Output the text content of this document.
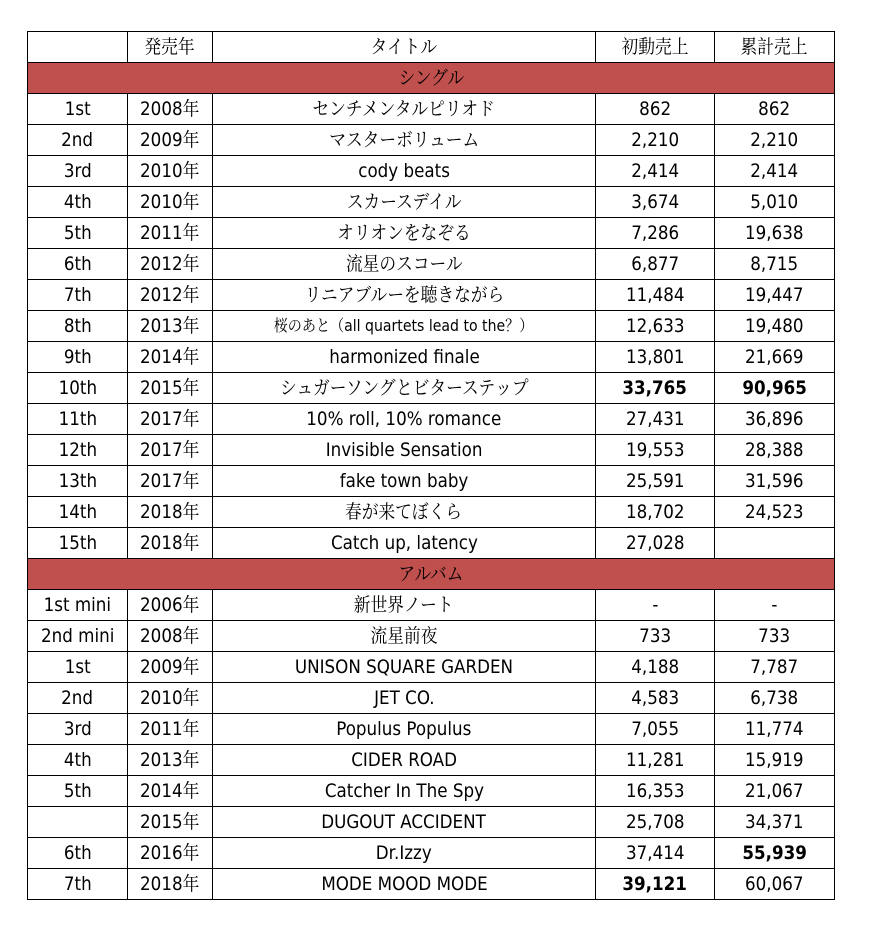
	発売年	タイトル	初動売上	累計売上
シングル				
1st	2008年	センチメンタルピリオド	862	862
2nd	2009年	マスターボリューム	2,210	2,210
3rd	2010年	cody beats	2,414	2,414
4th	2010年	スカースデイル	3,674	5,010
5th	2011年	オリオンをなぞる	7,286	19,638
6th	2012年	流星のスコール	6,877	8,715
7th	2012年	リニアブルーを聴きながら	11,484	19,447
8th	2013年	桜のあと（all quartets lead to the？）	12,633	19,480
9th	2014年	harmonized finale	13,801	21,669
10th	2015年	シュガーソングとビターステップ	33,765	90,965
11th	2017年	10% roll, 10% romance	27,431	36,896
12th	2017年	Invisible Sensation	19,553	28,388
13th	2017年	fake town baby	25,591	31,596
14th	2018年	春が来てぼくら	18,702	24,523
15th	2018年	Catch up, latency	27,028	
アルバム				
1st mini	2006年	新世界ノート	-	-
2nd mini	2008年	流星前夜	733	733
1st	2009年	UNISON SQUARE GARDEN	4,188	7,787
2nd	2010年	JET CO.	4,583	6,738
3rd	2011年	Populus Populus	7,055	11,774
4th	2013年	CIDER ROAD	11,281	15,919
5th	2014年	Catcher In The Spy	16,353	21,067
	2015年	DUGOUT ACCIDENT	25,708	34,371
6th	2016年	Dr.Izzy	37,414	55,939
7th	2018年	MODE MOOD MODE	39,121	60,067
